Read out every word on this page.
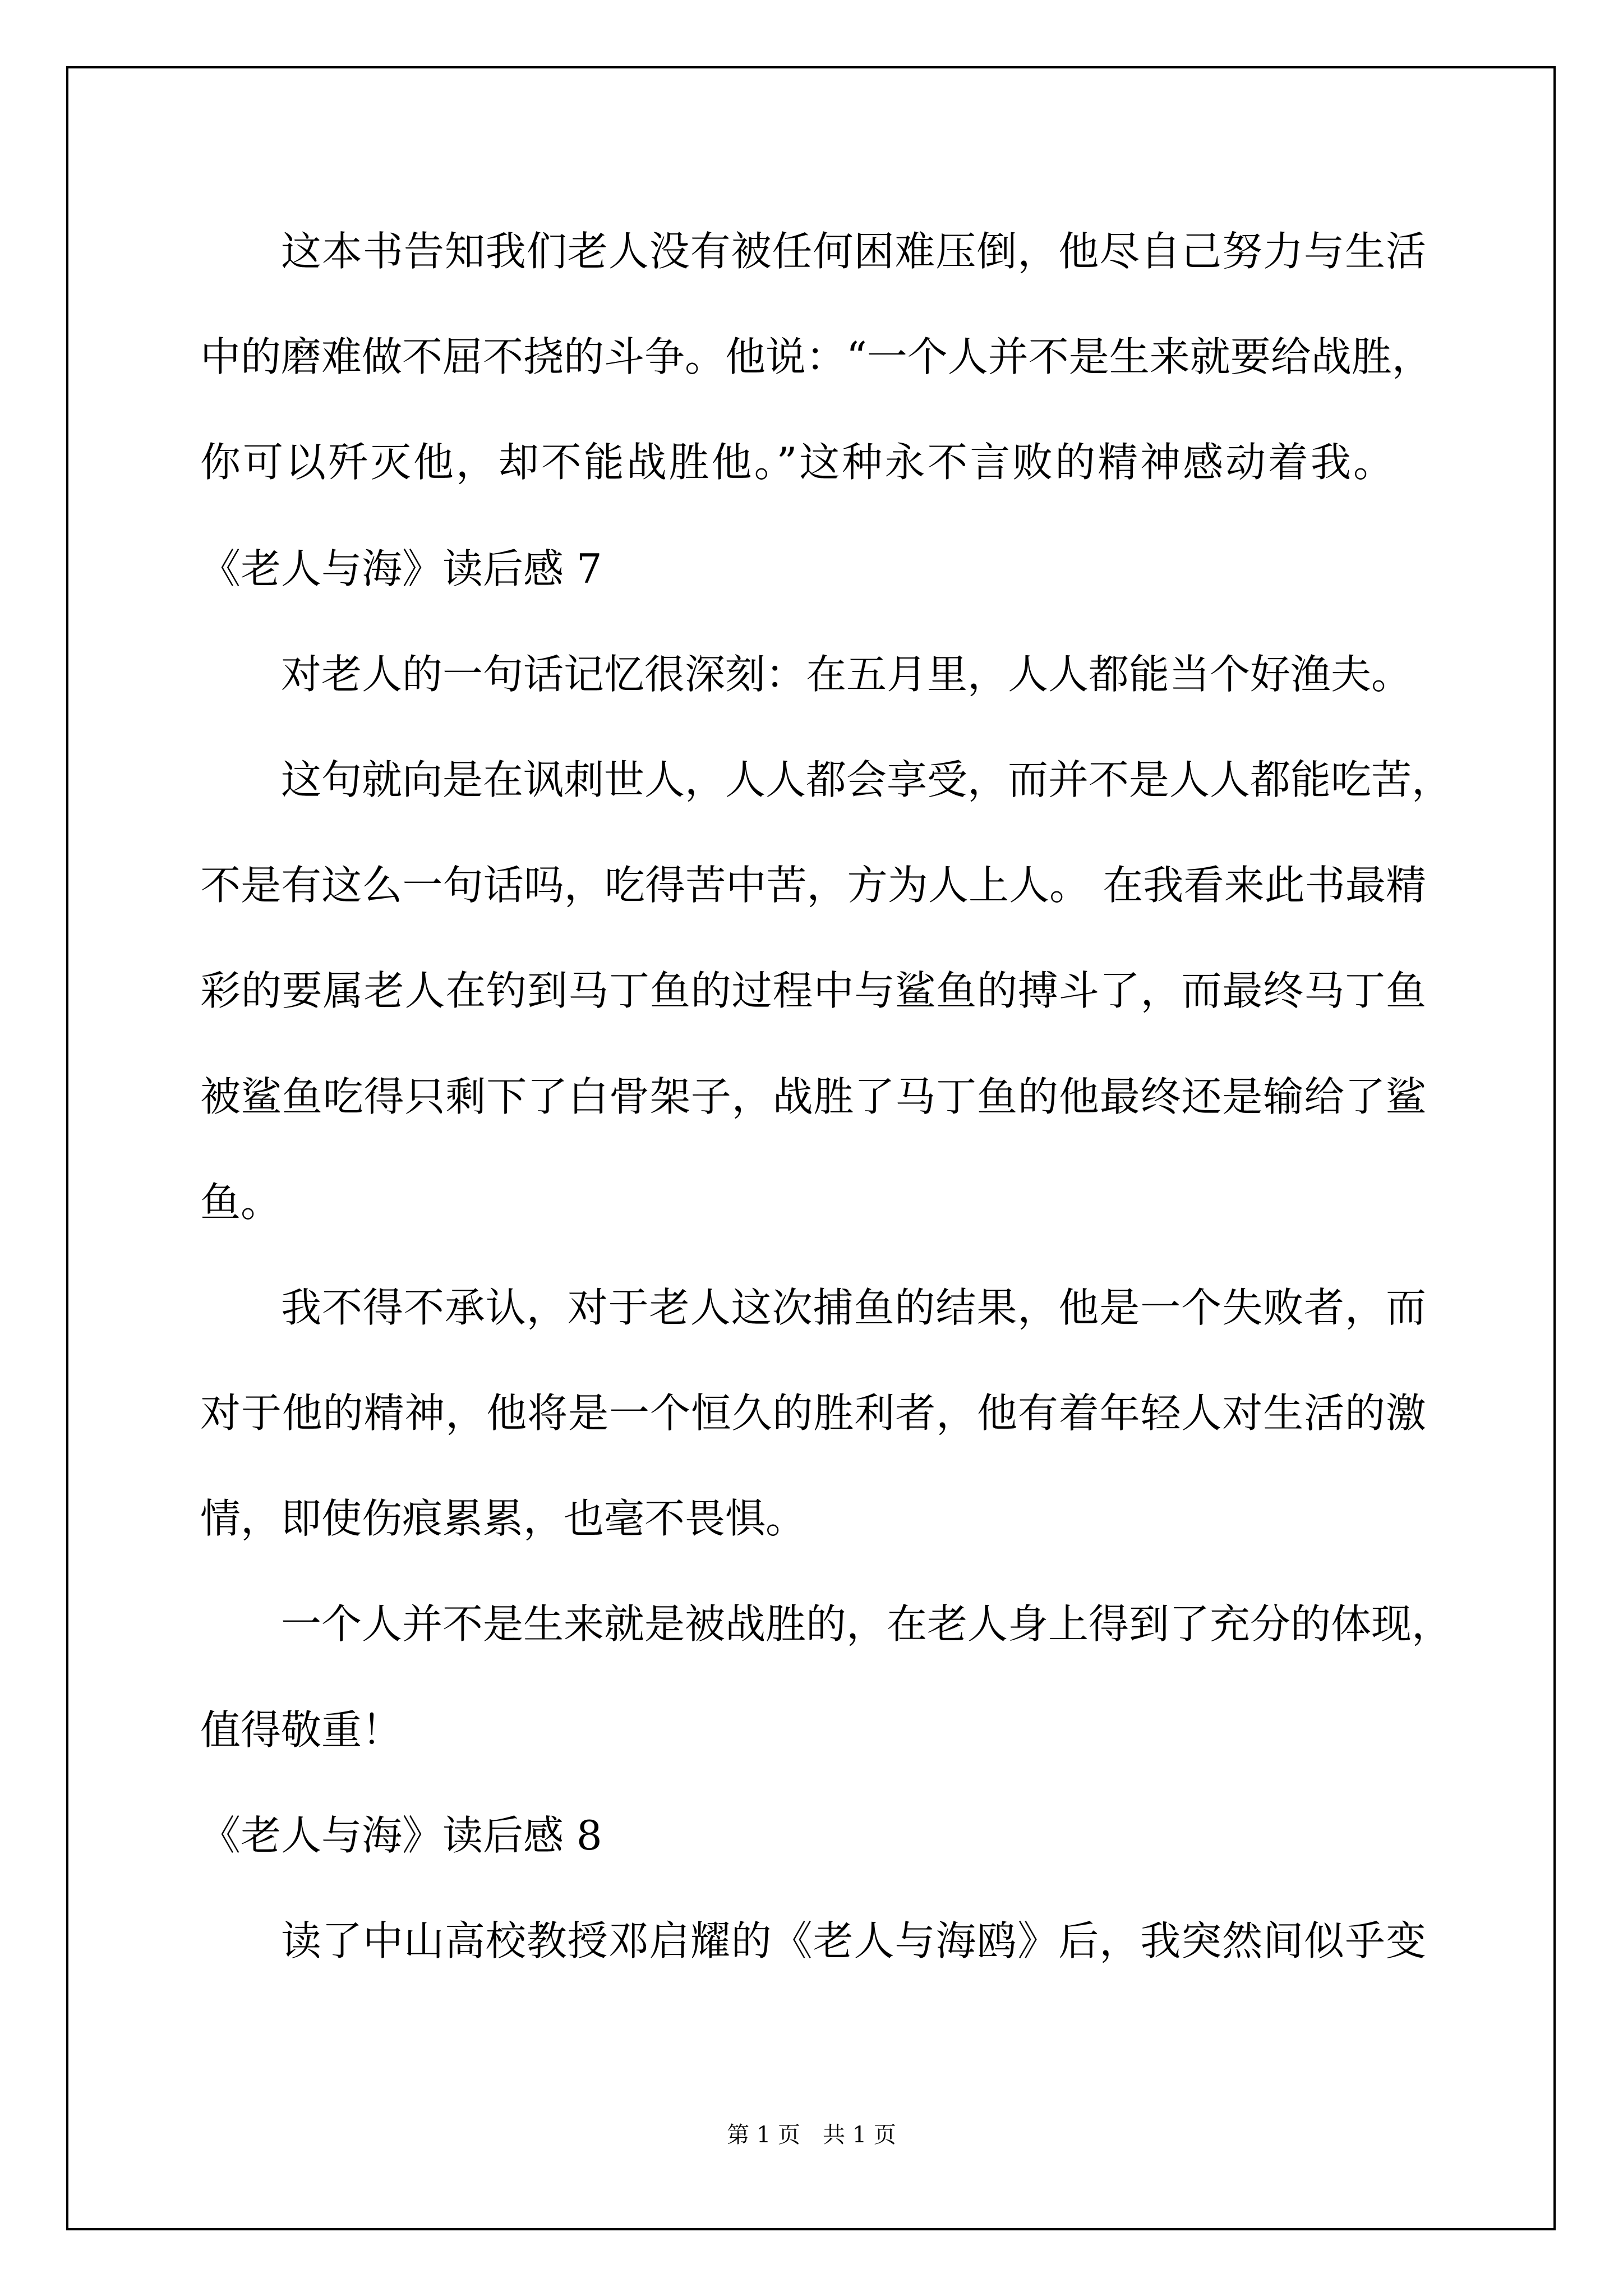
这本书告知我们老人没有被任何困难压倒，他尽自己努力与生活
中的磨难做不屈不挠的斗争。他说：“一个人并不是生来就要给战胜，
你可以歼灭他，却不能战胜他。”这种永不言败的精神感动着我。
《老人与海》读后感 7
对老人的一句话记忆很深刻：在五月里，人人都能当个好渔夫。
这句就向是在讽刺世人，人人都会享受，而并不是人人都能吃苦，
不是有这么一句话吗，吃得苦中苦，方为人上人。 在我看来此书最精
彩的要属老人在钓到马丁鱼的过程中与鲨鱼的搏斗了，而最终马丁鱼
被鲨鱼吃得只剩下了白骨架子，战胜了马丁鱼的他最终还是输给了鲨
鱼。
我不得不承认，对于老人这次捕鱼的结果，他是一个失败者，而
对于他的精神，他将是一个恒久的胜利者，他有着年轻人对生活的激
情，即使伤痕累累，也毫不畏惧。
一个人并不是生来就是被战胜的，在老人身上得到了充分的体现，
值得敬重！
《老人与海》读后感 8
读了中山高校教授邓启耀的《老人与海鸥》后，我突然间似乎变
第 1 页　共 1 页
